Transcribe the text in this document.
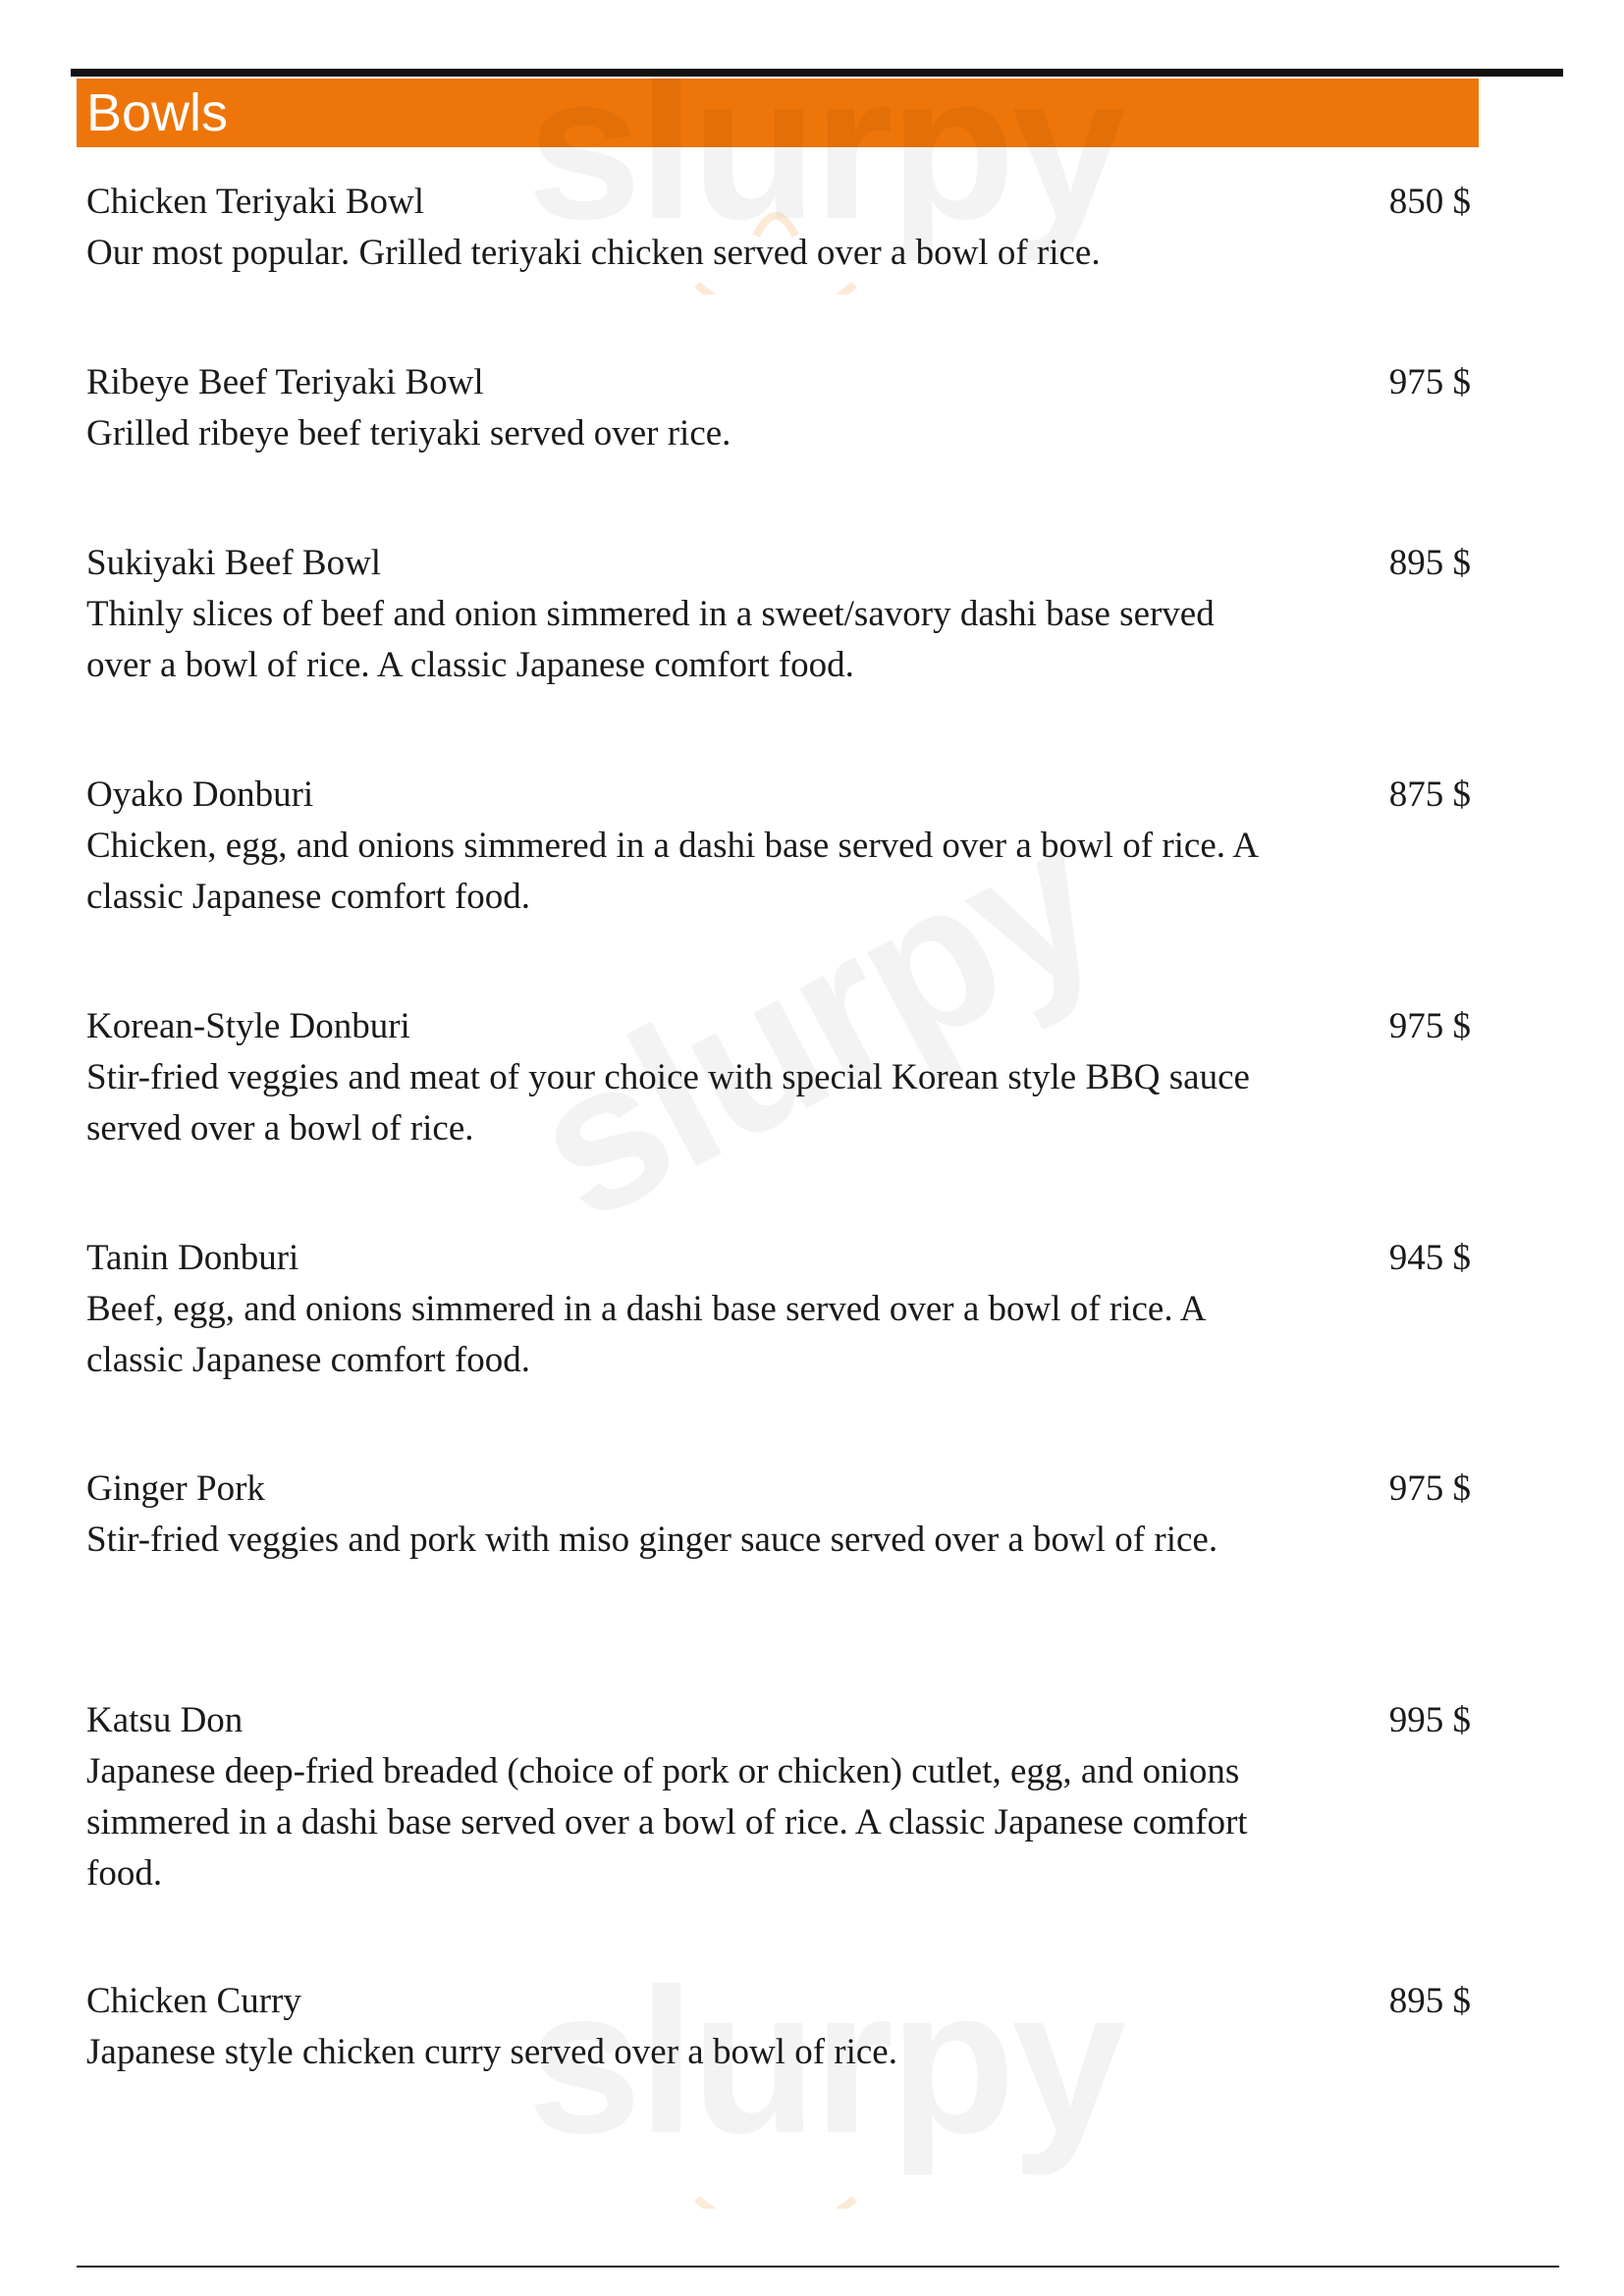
Bowls

Chicken Teriyaki Bowl

Our most popular. Grilled teriyaki chicken served over a bowl of rice.

850 $

Ribeye Beef Teriyaki Bowl

Grilled ribeye beef teriyaki served over rice.

975 $

Sukiyaki Beef Bowl

Thinly slices of beef and onion simmered in a sweet/savory dashi base served over a bowl of rice. A classic Japanese comfort food.

895 $

Oyako Donburi

Chicken, egg, and onions simmered in a dashi base served over a bowl of rice. A classic Japanese comfort food.

875 $

Korean-Style Donburi

Stir-fried veggies and meat of your choice with special Korean style BBQ sauce served over a bowl of rice.

975 $

Tanin Donburi

Beef, egg, and onions simmered in a dashi base served over a bowl of rice. A classic Japanese comfort food.

945 $

Ginger Pork

Stir-fried veggies and pork with miso ginger sauce served over a bowl of rice.

975 $

Katsu Don

Japanese deep-fried breaded (choice of pork or chicken) cutlet, egg, and onions simmered in a dashi base served over a bowl of rice. A classic Japanese comfort food.

995 $

Chicken Curry

Japanese style chicken curry served over a bowl of rice.

895 $
